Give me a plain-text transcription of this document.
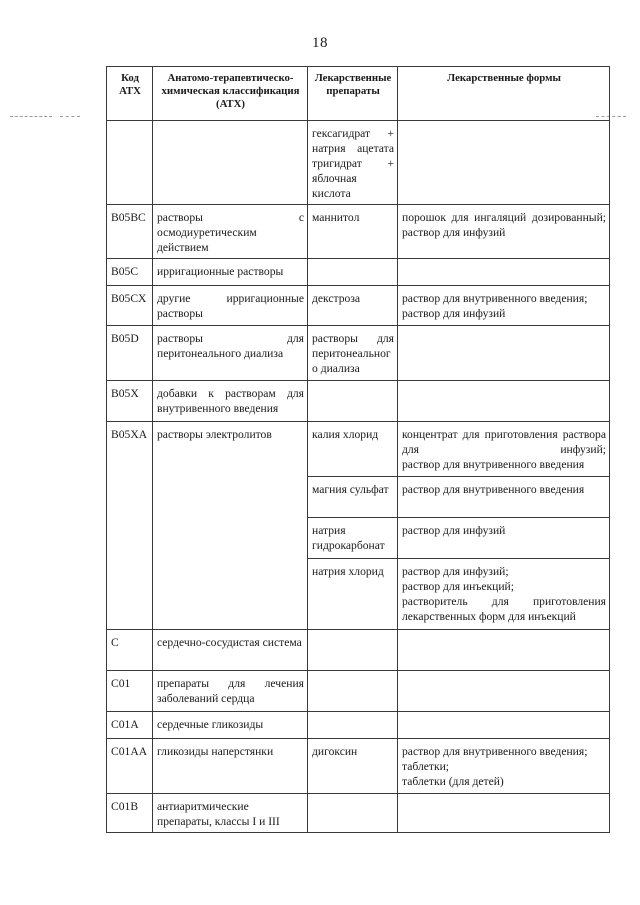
18
Код АТХ	Анатомо-терапевтическо-химическая классификация (АТХ)	Лекарственные препараты	Лекарственные формы
		гексагидрат + натрия ацетата тригидрат + яблочная кислота	
B05BC	растворы с осмодиуретическим действием	маннитол	порошок для ингаляций дозированный;
раствор для инфузий

B05C	ирригационные растворы		
B05CX	другие ирригационные растворы	декстроза	раствор для внутривенного введения;
раствор для инфузий

B05D	растворы для перитонеального диализа	растворы для перитонеального диализа	
B05X	добавки к растворам для внутривенного введения		
B05XA	растворы электролитов	калия хлорид	концентрат для приготовления раствора для инфузий;
раствор для внутривенного введения

		магния сульфат	раствор для внутривенного введения

		натрия гидрокарбонат	раствор для инфузий

		натрия хлорид	раствор для инфузий;
раствор для инъекций;
растворитель для приготовления лекарственных форм для инъекций

C	сердечно-сосудистая система		
C01	препараты для лечения заболеваний сердца		
C01A	сердечные гликозиды		
C01AA	гликозиды наперстянки	дигоксин	раствор для внутривенного введения;
таблетки;
таблетки (для детей)

C01B	антиаритмические препараты, классы I и III		
